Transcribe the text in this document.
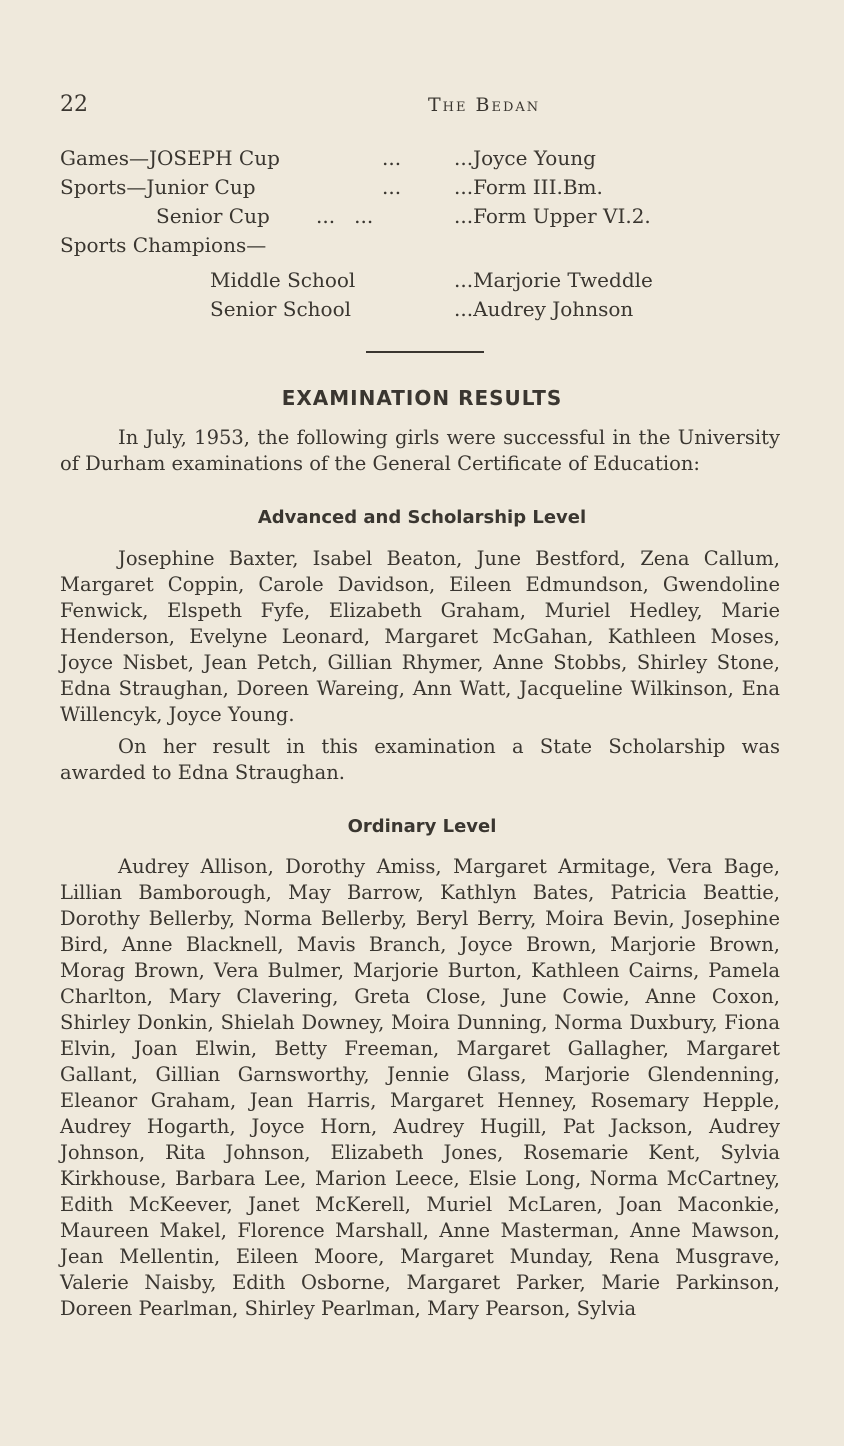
22	The Bedan
Games—JOSEPH Cup	...	...Joyce Young
Sports—Junior Cup	...	...Form III.Bm.
Senior Cup ...   ...	...Form Upper VI.2.
Sports Champions—
Middle School	...Marjorie Tweddle
Senior School	...Audrey Johnson
EXAMINATION RESULTS

In July, 1953, the following girls were successful in the University of Durham examinations of the General Certificate of Education:

Advanced and Scholarship Level

Josephine Baxter, Isabel Beaton, June Bestford, Zena Callum, Margaret Coppin, Carole Davidson, Eileen Edmundson, Gwendoline Fenwick, Elspeth Fyfe, Elizabeth Graham, Muriel Hedley, Marie Henderson, Evelyne Leonard, Margaret McGahan, Kathleen Moses, Joyce Nisbet, Jean Petch, Gillian Rhymer, Anne Stobbs, Shirley Stone, Edna Straughan, Doreen Wareing, Ann Watt, Jacqueline Wilkinson, Ena Willencyk, Joyce Young.

On her result in this examination a State Scholarship was awarded to Edna Straughan.

Ordinary Level

Audrey Allison, Dorothy Amiss, Margaret Armitage, Vera Bage, Lillian Bamborough, May Barrow, Kathlyn Bates, Patricia Beattie, Dorothy Bellerby, Norma Bellerby, Beryl Berry, Moira Bevin, Josephine Bird, Anne Blacknell, Mavis Branch, Joyce Brown, Marjorie Brown, Morag Brown, Vera Bulmer, Marjorie Burton, Kathleen Cairns, Pamela Charlton, Mary Clavering, Greta Close, June Cowie, Anne Coxon, Shirley Donkin, Shielah Downey, Moira Dunning, Norma Duxbury, Fiona Elvin, Joan Elwin, Betty Freeman, Margaret Gallagher, Margaret Gallant, Gillian Garnsworthy, Jennie Glass, Marjorie Glendenning, Eleanor Graham, Jean Harris, Margaret Henney, Rosemary Hepple, Audrey Hogarth, Joyce Horn, Audrey Hugill, Pat Jackson, Audrey Johnson, Rita Johnson, Elizabeth Jones, Rosemarie Kent, Sylvia Kirkhouse, Barbara Lee, Marion Leece, Elsie Long, Norma McCartney, Edith McKeever, Janet McKerell, Muriel McLaren, Joan Maconkie, Maureen Makel, Florence Marshall, Anne Masterman, Anne Mawson, Jean Mellentin, Eileen Moore, Margaret Munday, Rena Musgrave, Valerie Naisby, Edith Osborne, Margaret Parker, Marie Parkinson, Doreen Pearlman, Shirley Pearlman, Mary Pearson, Sylvia
